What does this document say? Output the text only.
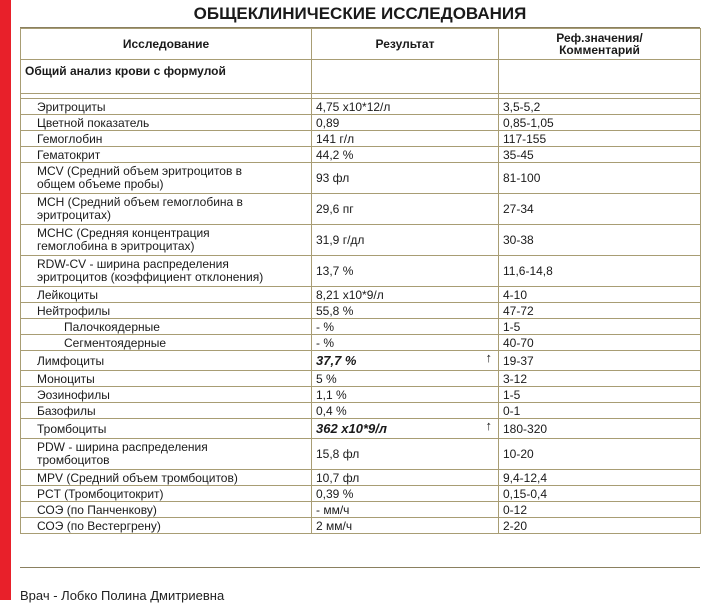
ОБЩЕКЛИНИЧЕСКИЕ ИССЛЕДОВАНИЯ
Исследование	Результат	Реф.значения/
Комментарий
Общий анализ крови с формулой		

Эритроциты	4,75 х10*12/л	3,5-5,2
Цветной показатель	0,89	0,85-1,05
Гемоглобин	141 г/л	117-155
Гематокрит	44,2 %	35-45
MCV (Средний объем эритроцитов в
общем объеме пробы)	93 фл	81-100
MCH (Средний объем гемоглобина в
эритроцитах)	29,6 пг	27-34
MCHC (Средняя концентрация
гемоглобина в эритроцитах)	31,9 г/дл	30-38
RDW-CV - ширина распределения
эритроцитов (коэффициент отклонения)	13,7 %	11,6-14,8
Лейкоциты	8,21 х10*9/л	4-10
Нейтрофилы	55,8 %	47-72
Палочкоядерные	- %	1-5
Сегментоядерные	- %	40-70
Лимфоциты	37,7 % ↑	19-37
Моноциты	5 %	3-12
Эозинофилы	1,1 %	1-5
Базофилы	0,4 %	0-1
Тромбоциты	362 х10*9/л ↑	180-320
PDW - ширина распределения
тромбоцитов	15,8 фл	10-20
MPV (Средний объем тромбоцитов)	10,7 фл	9,4-12,4
PCT (Тромбоцитокрит)	0,39 %	0,15-0,4
СОЭ (по Панченкову)	- мм/ч	0-12
СОЭ (по Вестергрену)	2 мм/ч	2-20
Врач - Лобко Полина Дмитриевна
